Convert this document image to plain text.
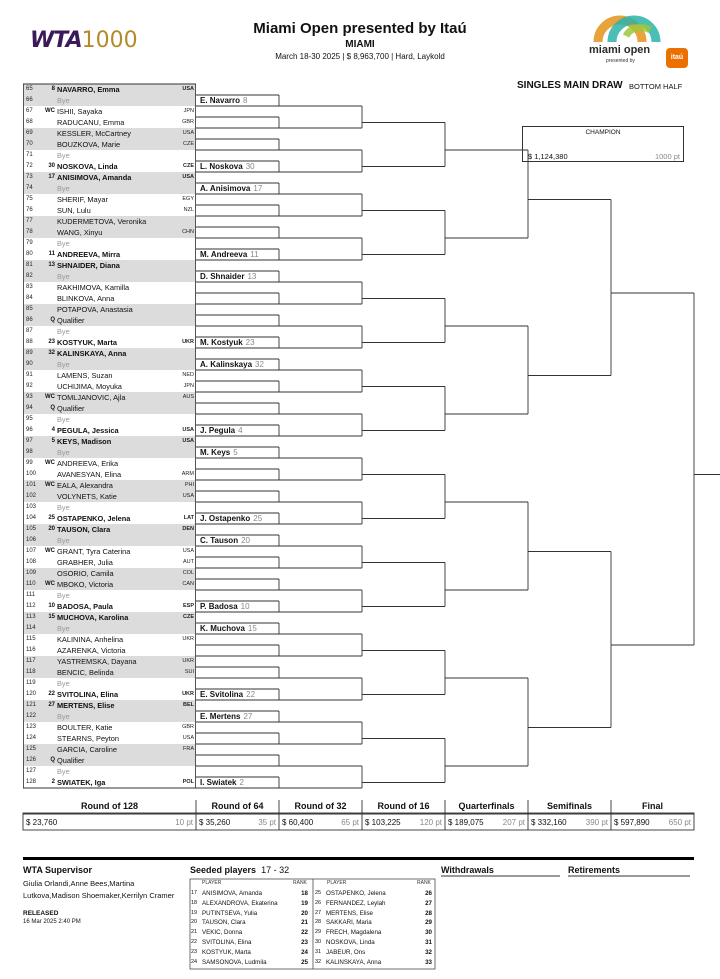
WTA1000	Miami Open presented by Itaú
MIAMI
March 18-30 2025 | $ 8,963,700 | Hard, Laykold
miami open
presented by	itaú
SINGLES MAIN DRAW BOTTOM HALF
CHAMPION
$ 1,124,380	1000 pt
65	8 NAVARRO, Emma	USA
66	Bye
67	WC ISHII, Sayaka	JPN
68	RADUCANU, Emma	GBR
69	KESSLER, McCartney	USA
70	BOUZKOVA, Marie	CZE
71	Bye
72	30 NOSKOVA, Linda	CZE
73	17 ANISIMOVA, Amanda	USA
74	Bye
75	SHERIF, Mayar	EGY
76	SUN, Lulu	NZL
77	KUDERMETOVA, Veronika
78	WANG, Xinyu	CHN
79	Bye
80	11 ANDREEVA, Mirra
81	13 SHNAIDER, Diana
82	Bye
83	RAKHIMOVA, Kamilla
84	BLINKOVA, Anna
85	POTAPOVA, Anastasia
86	Q Qualifier
87	Bye
88	23 KOSTYUK, Marta	UKR
89	32 KALINSKAYA, Anna
90	Bye
91	LAMENS, Suzan	NED
92	UCHIJIMA, Moyuka	JPN
93	WC TOMLJANOVIC, Ajla	AUS
94	Q Qualifier
95	Bye
96	4 PEGULA, Jessica	USA
97	5 KEYS, Madison	USA
98	Bye
99	WC ANDREEVA, Erika
100	AVANESYAN, Elina	ARM
101	WC EALA, Alexandra	PHI
102	VOLYNETS, Katie	USA
103	Bye
104	25 OSTAPENKO, Jelena	LAT
105	20 TAUSON, Clara	DEN
106	Bye
107	WC GRANT, Tyra Caterina	USA
108	GRABHER, Julia	AUT
109	OSORIO, Camila	COL
110	WC MBOKO, Victoria	CAN
111	Bye
112	10 BADOSA, Paula	ESP
113	15 MUCHOVA, Karolina	CZE
114	Bye
115	KALININA, Anhelina	UKR
116	AZARENKA, Victoria
117	YASTREMSKA, Dayana	UKR
118	BENCIC, Belinda	SUI
119	Bye
120	22 SVITOLINA, Elina	UKR
121	27 MERTENS, Elise	BEL
122	Bye
123	BOULTER, Katie	GBR
124	STEARNS, Peyton	USA
125	GARCIA, Caroline	FRA
126	Q Qualifier
127	Bye
128	2 SWIATEK, Iga	POL
E. Navarro 8
L. Noskova 30
A. Anisimova 17
M. Andreeva 11
D. Shnaider 13
M. Kostyuk 23
A. Kalinskaya 32
J. Pegula 4
M. Keys 5
J. Ostapenko 25
C. Tauson 20
P. Badosa 10
K. Muchova 15
E. Svitolina 22
E. Mertens 27
I. Swiatek 2
Round of 128
$ 23,760	10 pt
Round of 64
$ 35,260	35 pt
Round of 32
$ 60,400	65 pt
Round of 16
$ 103,225	120 pt
Quarterfinals
$ 189,075	207 pt
Semifinals
$ 332,160	390 pt
Final
$ 597,890	650 pt
WTA Supervisor
Giulia Orlandi,Anne Bees,Martina Lutkova,Madison Shoemaker,Kerrilyn Cramer
RELEASED
16 Mar 2025 2:40 PM
Seeded players 17 - 32
PLAYER	RANK	PLAYER	RANK
17 ANISIMOVA, Amanda	18
18 ALEXANDROVA, Ekaterina	19
19 PUTINTSEVA, Yulia	20
20 TAUSON, Clara	21
21 VEKIC, Donna	22
22 SVITOLINA, Elina	23
23 KOSTYUK, Marta	24
24 SAMSONOVA, Ludmila	25
25 OSTAPENKO, Jelena	26
26 FERNANDEZ, Leylah	27
27 MERTENS, Elise	28
28 SAKKARI, Maria	29
29 FRECH, Magdalena	30
30 NOSKOVA, Linda	31
31 JABEUR, Ons	32
32 KALINSKAYA, Anna	33
Withdrawals	Retirements
